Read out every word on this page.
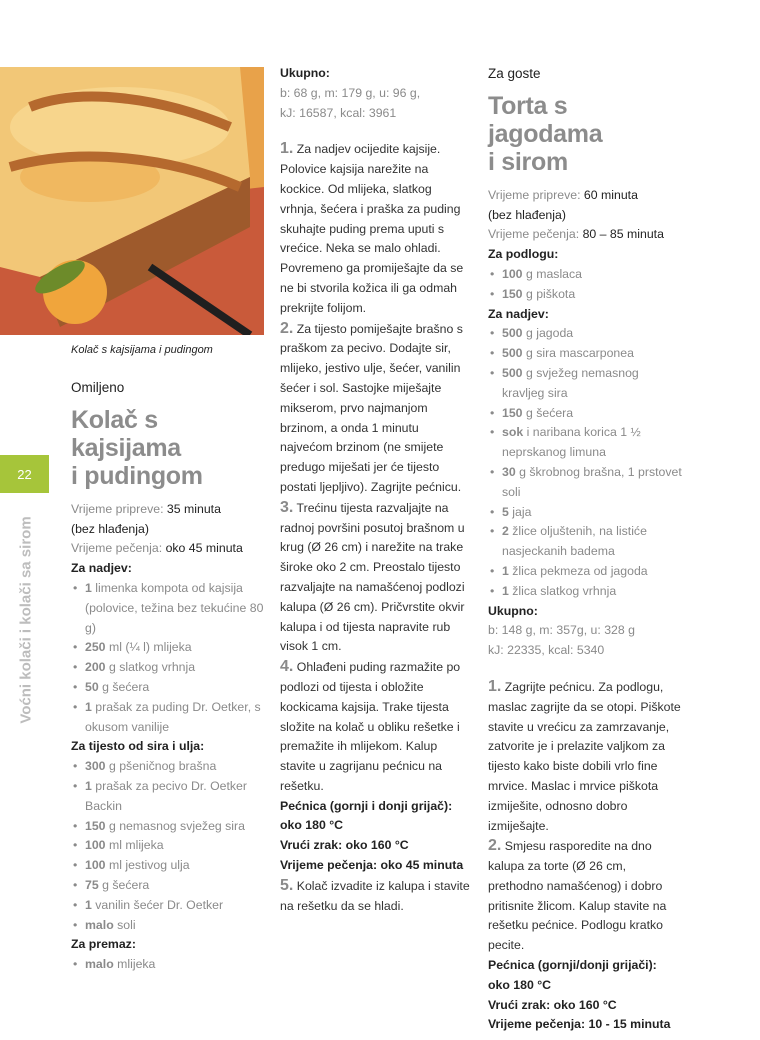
Kolač s kajsijama i pudingom
22
Voćni kolači i kolači sa sirom
Omiljeno
Kolač s kajsijama
i pudingom
Vrijeme pripreve: 35 minuta
(bez hlađenja)
Vrijeme pečenja: oko 45 minuta
Za nadjev:
• 1 limenka kompota od kajsija (polovice, težina bez tekućine 80 g)
• 250 ml (¼ l) mlijeka
• 200 g slatkog vrhnja
• 50 g šećera
• 1 prašak za puding Dr. Oetker, s okusom vanilije
Za tijesto od sira i ulja:
• 300 g pšeničnog brašna
• 1 prašak za pecivo Dr. Oetker Backin
• 150 g nemasnog svježeg sira
• 100 ml mlijeka
• 100 ml jestivog ulja
• 75 g šećera
• 1 vanilin šećer Dr. Oetker
• malo soli
Za premaz:
• malo mlijeka
Ukupno:
b: 68 g, m: 179 g, u: 96 g,
kJ: 16587, kcal: 3961
1. Za nadjev ocijedite kajsije. Polovice kajsija narežite na kockice. Od mlijeka, slatkog vrhnja, šećera i praška za puding skuhajte puding prema uputi s vrećice. Neka se malo ohladi. Povremeno ga promiješajte da se ne bi stvorila kožica ili ga odmah prekrijte folijom.
2. Za tijesto pomiješajte brašno s praškom za pecivo. Dodajte sir, mlijeko, jestivo ulje, šećer, vanilin šećer i sol. Sastojke miješajte mikserom, prvo najmanjom brzinom, a onda 1 minutu najvećom brzinom (ne smijete predugo miješati jer će tijesto postati ljepljivo). Zagrijte pećnicu.
3. Trećinu tijesta razvaljajte na radnoj površini posutoj brašnom u krug (Ø 26 cm) i narežite na trake široke oko 2 cm. Preostalo tijesto razvaljajte na namašćenoj podlozi kalupa (Ø 26 cm). Pričvrstite okvir kalupa i od tijesta napravite rub visok 1 cm.
4. Ohlađeni puding razmažite po podlozi od tijesta i obložite kockicama kajsija. Trake tijesta složite na kolač u obliku rešetke i premažite ih mlijekom. Kalup stavite u zagrijanu pećnicu na rešetku.
Pećnica (gornji i donji grijač):
oko 180 °C
Vrući zrak: oko 160 °C
Vrijeme pečenja: oko 45 minuta
5. Kolač izvadite iz kalupa i stavite na rešetku da se hladi.
Za goste
Torta s jagodama
i sirom
Vrijeme pripreve: 60 minuta
(bez hlađenja)
Vrijeme pečenja: 80 – 85 minuta
Za podlogu:
• 100 g maslaca
• 150 g piškota
Za nadjev:
• 500 g jagoda
• 500 g sira mascarponea
• 500 g svježeg nemasnog kravljeg sira
• 150 g šećera
• sok i naribana korica 1 ½ neprskanog limuna
• 30 g škrobnog brašna, 1 prstovet soli
• 5 jaja
• 2 žlice oljuštenih, na listiće nasjeckanih badema
• 1 žlica pekmeza od jagoda
• 1 žlica slatkog vrhnja
Ukupno:
b: 148 g, m: 357g, u: 328 g
kJ: 22335, kcal: 5340
1. Zagrijte pećnicu. Za podlogu, maslac zagrijte da se otopi. Piškote stavite u vrećicu za zamrzavanje, zatvorite je i prelazite valjkom za tijesto kako biste dobili vrlo fine mrvice. Maslac i mrvice piškota izmiješite, odnosno dobro izmiješajte.
2. Smjesu rasporedite na dno kalupa za torte (Ø 26 cm, prethodno namašćenog) i dobro pritisnite žlicom. Kalup stavite na rešetku pećnice. Podlogu kratko pecite.
Pećnica (gornji/donji grijači):
oko 180 °C
Vrući zrak: oko 160 °C
Vrijeme pečenja: 10 - 15 minuta
